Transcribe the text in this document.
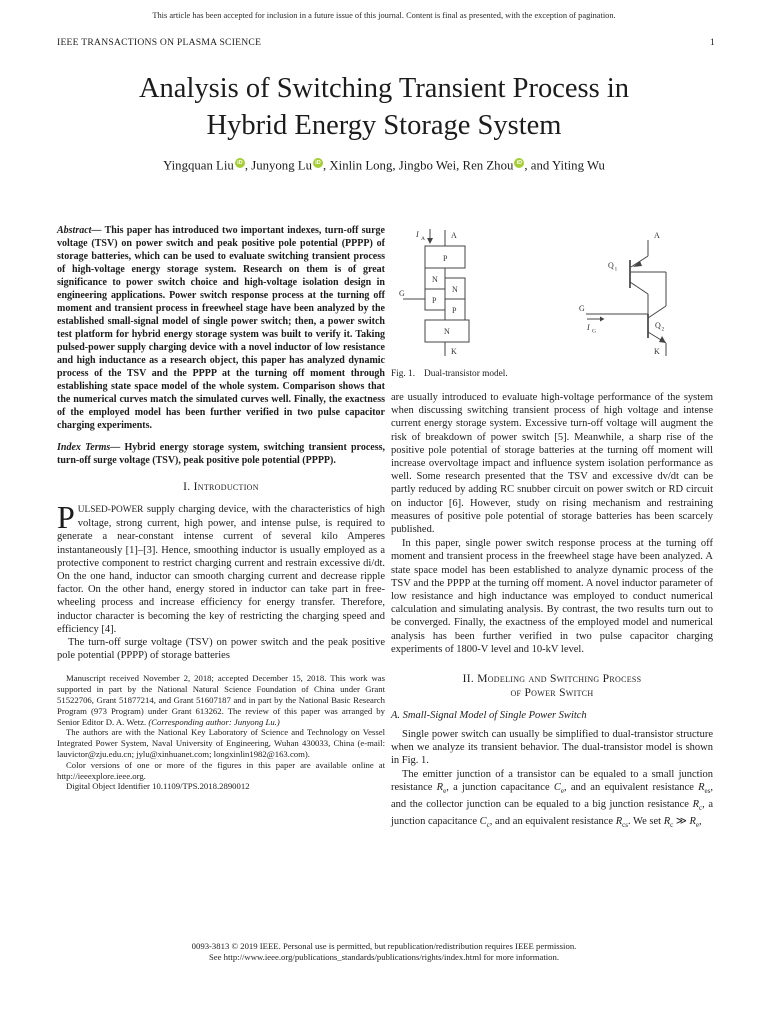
This article has been accepted for inclusion in a future issue of this journal. Content is final as presented, with the exception of pagination.
IEEE TRANSACTIONS ON PLASMA SCIENCE	1
Analysis of Switching Transient Process in
Hybrid Energy Storage System
Yingquan Liu iD , Junyong Lu iD , Xinlin Long, Jingbo Wei, Ren Zhou iD , and Yiting Wu

Abstract— This paper has introduced two important indexes, turn-off surge voltage (TSV) on power switch and peak positive pole potential (PPPP) of storage batteries, which can be used to evaluate switching transient process of high-voltage energy storage system. Research on them is of great significance to power switch choice and high-voltage isolation design in engineering applications. Power switch response process at the turning off moment and transient process in freewheel stage have been analyzed by the established small-signal model of single power switch; then, a power switch test platform for hybrid energy storage system was built to verify it. Taking pulsed-power supply charging device with a novel inductor of low resistance and high inductance as a research object, this paper has analyzed dynamic process of the TSV and the PPPP at the turning off moment through establishing state space model of the whole system. Comparison shows that the numerical curves match the simulated curves well. Finally, the exactness of the employed model has been further verified in two pulse capacitor charging experiments.

Index Terms— Hybrid energy storage system, switching transient process, turn-off surge voltage (TSV), peak positive pole potential (PPPP).

I. Introduction

PULSED-POWER supply charging device, with the characteristics of high voltage, strong current, high power, and intense pulse, is required to generate a near-constant intense current of several kilo Amperes instantaneously [1]–[3]. Hence, smoothing inductor is usually employed as a protective component to restrict charging current and restrain excessive di/dt. On the one hand, inductor can smooth charging current and decrease ripple factor. On the other hand, energy stored in inductor can take part in free-wheeling process and increase efficiency for energy transfer. Therefore, inductor character is becoming the key of restricting the charging speed and efficiency [4].

The turn-off surge voltage (TSV) on power switch and the peak positive pole potential (PPPP) of storage batteries

Manuscript received November 2, 2018; accepted December 15, 2018. This work was supported in part by the National Natural Science Foundation of China under Grant 51522706, Grant 51877214, and Grant 51607187 and in part by the National Basic Research Program (973 Program) under Grant 613262. The review of this paper was arranged by Senior Editor D. A. Wetz. (Corresponding author: Junyong Lu.)

The authors are with the National Key Laboratory of Science and Technology on Vessel Integrated Power System, Naval University of Engineering, Wuhan 430033, China (e-mail: lauvictor@zju.edu.cn; jylu@xinhuanet.com; longxinlin1982@163.com).

Color versions of one or more of the figures in this paper are available online at http://ieeexplore.ieee.org.

Digital Object Identifier 10.1109/TPS.2018.2890012

I A	A
P
N
P
N
P
N
G
K

A
Q 1
G
I G
Q 2
K

Fig. 1. Dual-transistor model.

are usually introduced to evaluate high-voltage performance of the system when discussing switching transient process of high voltage and intense current energy storage system. Excessive turn-off voltage will augment the risk of breakdown of power switch [5]. Meanwhile, a sharp rise of the positive pole potential of storage batteries at the turning off moment will increase overvoltage impact and influence system isolation performance as well. Some research presented that the TSV and excessive dv/dt can be partly reduced by adding RC snubber circuit on power switch or RD circuit on inductor [6]. However, study on rising mechanism and restraining measures of positive pole potential of storage batteries has been scarcely published.

In this paper, single power switch response process at the turning off moment and transient process in the freewheel stage have been analyzed. A state space model has been established to analyze dynamic process of the TSV and the PPPP at the turning off moment. A novel inductor parameter of low resistance and high inductance was employed to conduct numerical calculation and simulating analysis. By contrast, the two results turn out to be converged. Finally, the exactness of the employed model and numerical analysis has been further verified in two pulse capacitor charging experiments of 1800-V level and 10-kV level.

II. Modeling and Switching Process
of Power Switch
A. Small-Signal Model of Single Power Switch

Single power switch can usually be simplified to dual-transistor structure when we analyze its transient behavior. The dual-transistor model is shown in Fig. 1.

The emitter junction of a transistor can be equaled to a small junction resistance $R_e$, a junction capacitance $C_e$, and an equivalent resistance $R_{es}$, and the collector junction can be equaled to a big junction resistance $R_c$, a junction capacitance $C_c$, and an equivalent resistance $R_{cs}$. We set $R_c$ ≫ $R_e$,

0093-3813 © 2019 IEEE. Personal use is permitted, but republication/redistribution requires IEEE permission.
See http://www.ieee.org/publications_standards/publications/rights/index.html for more information.
